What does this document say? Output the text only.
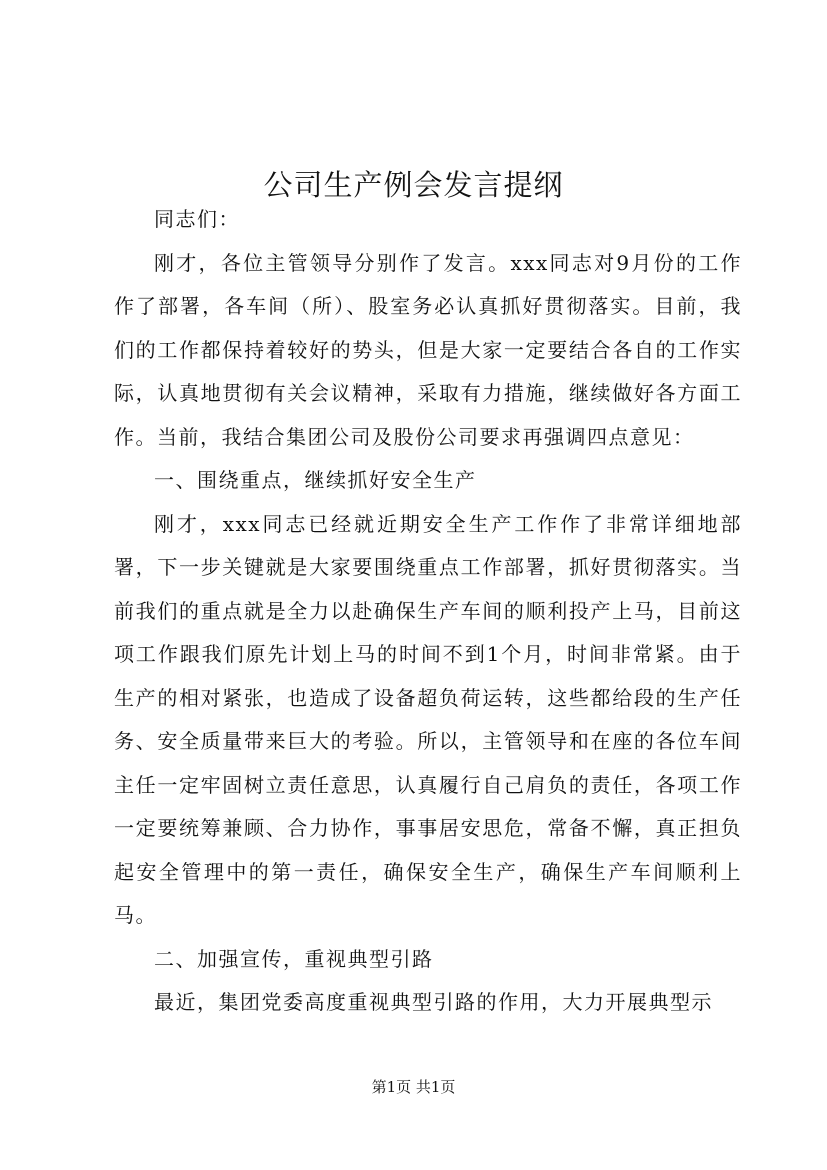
公司生产例会发言提纲

同志们：

刚才，各位主管领导分别作了发言。xxx同志对9月份的工作作了部署，各车间（所）、股室务必认真抓好贯彻落实。目前，我们的工作都保持着较好的势头，但是大家一定要结合各自的工作实际，认真地贯彻有关会议精神，采取有力措施，继续做好各方面工作。当前，我结合集团公司及股份公司要求再强调四点意见：

一、围绕重点，继续抓好安全生产

刚才，xxx同志已经就近期安全生产工作作了非常详细地部署，下一步关键就是大家要围绕重点工作部署，抓好贯彻落实。当前我们的重点就是全力以赴确保生产车间的顺利投产上马，目前这项工作跟我们原先计划上马的时间不到1个月，时间非常紧。由于生产的相对紧张，也造成了设备超负荷运转，这些都给段的生产任务、安全质量带来巨大的考验。所以，主管领导和在座的各位车间主任一定牢固树立责任意思，认真履行自己肩负的责任，各项工作一定要统筹兼顾、合力协作，事事居安思危，常备不懈，真正担负起安全管理中的第一责任，确保安全生产，确保生产车间顺利上马。

二、加强宣传，重视典型引路

最近，集团党委高度重视典型引路的作用，大力开展典型示

第1页 共1页
